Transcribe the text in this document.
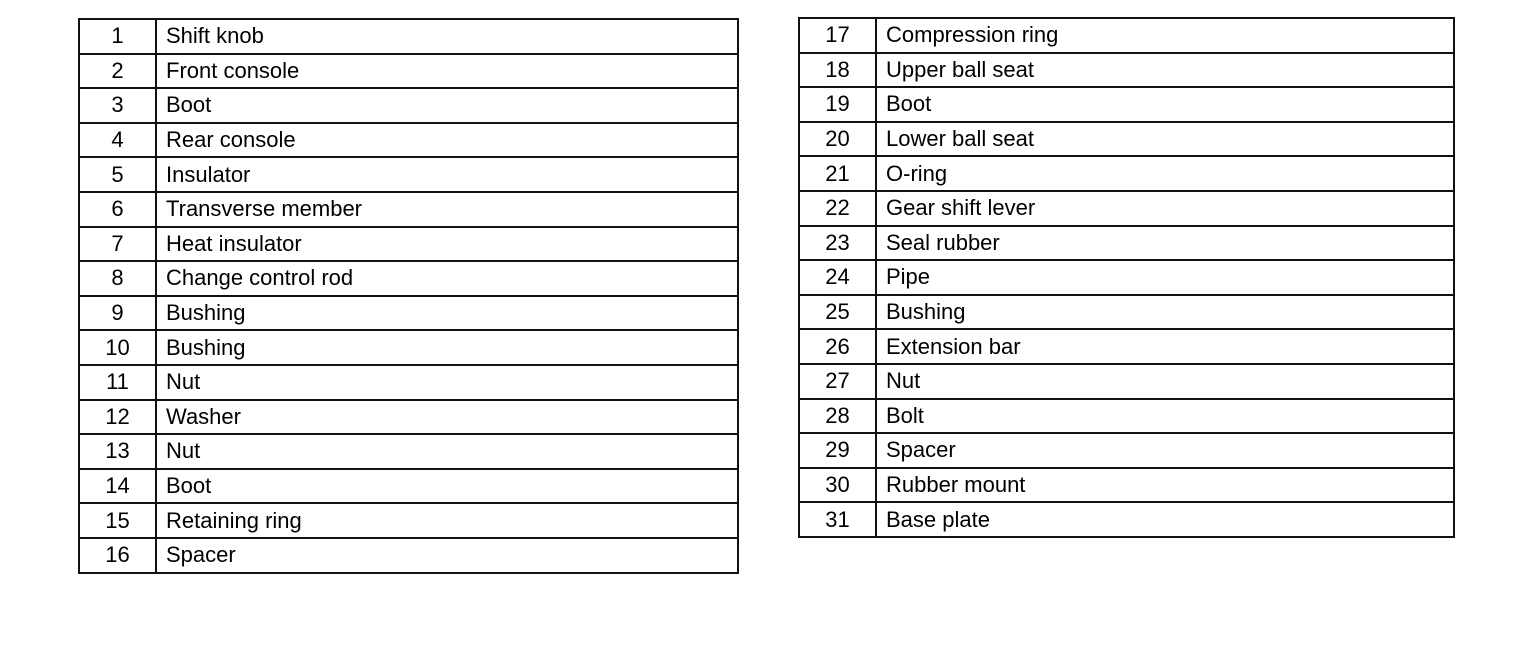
1	Shift knob
2	Front console
3	Boot
4	Rear console
5	Insulator
6	Transverse member
7	Heat insulator
8	Change control rod
9	Bushing
10	Bushing
11	Nut
12	Washer
13	Nut
14	Boot
15	Retaining ring
16	Spacer
17	Compression ring
18	Upper ball seat
19	Boot
20	Lower ball seat
21	O-ring
22	Gear shift lever
23	Seal rubber
24	Pipe
25	Bushing
26	Extension bar
27	Nut
28	Bolt
29	Spacer
30	Rubber mount
31	Base plate
